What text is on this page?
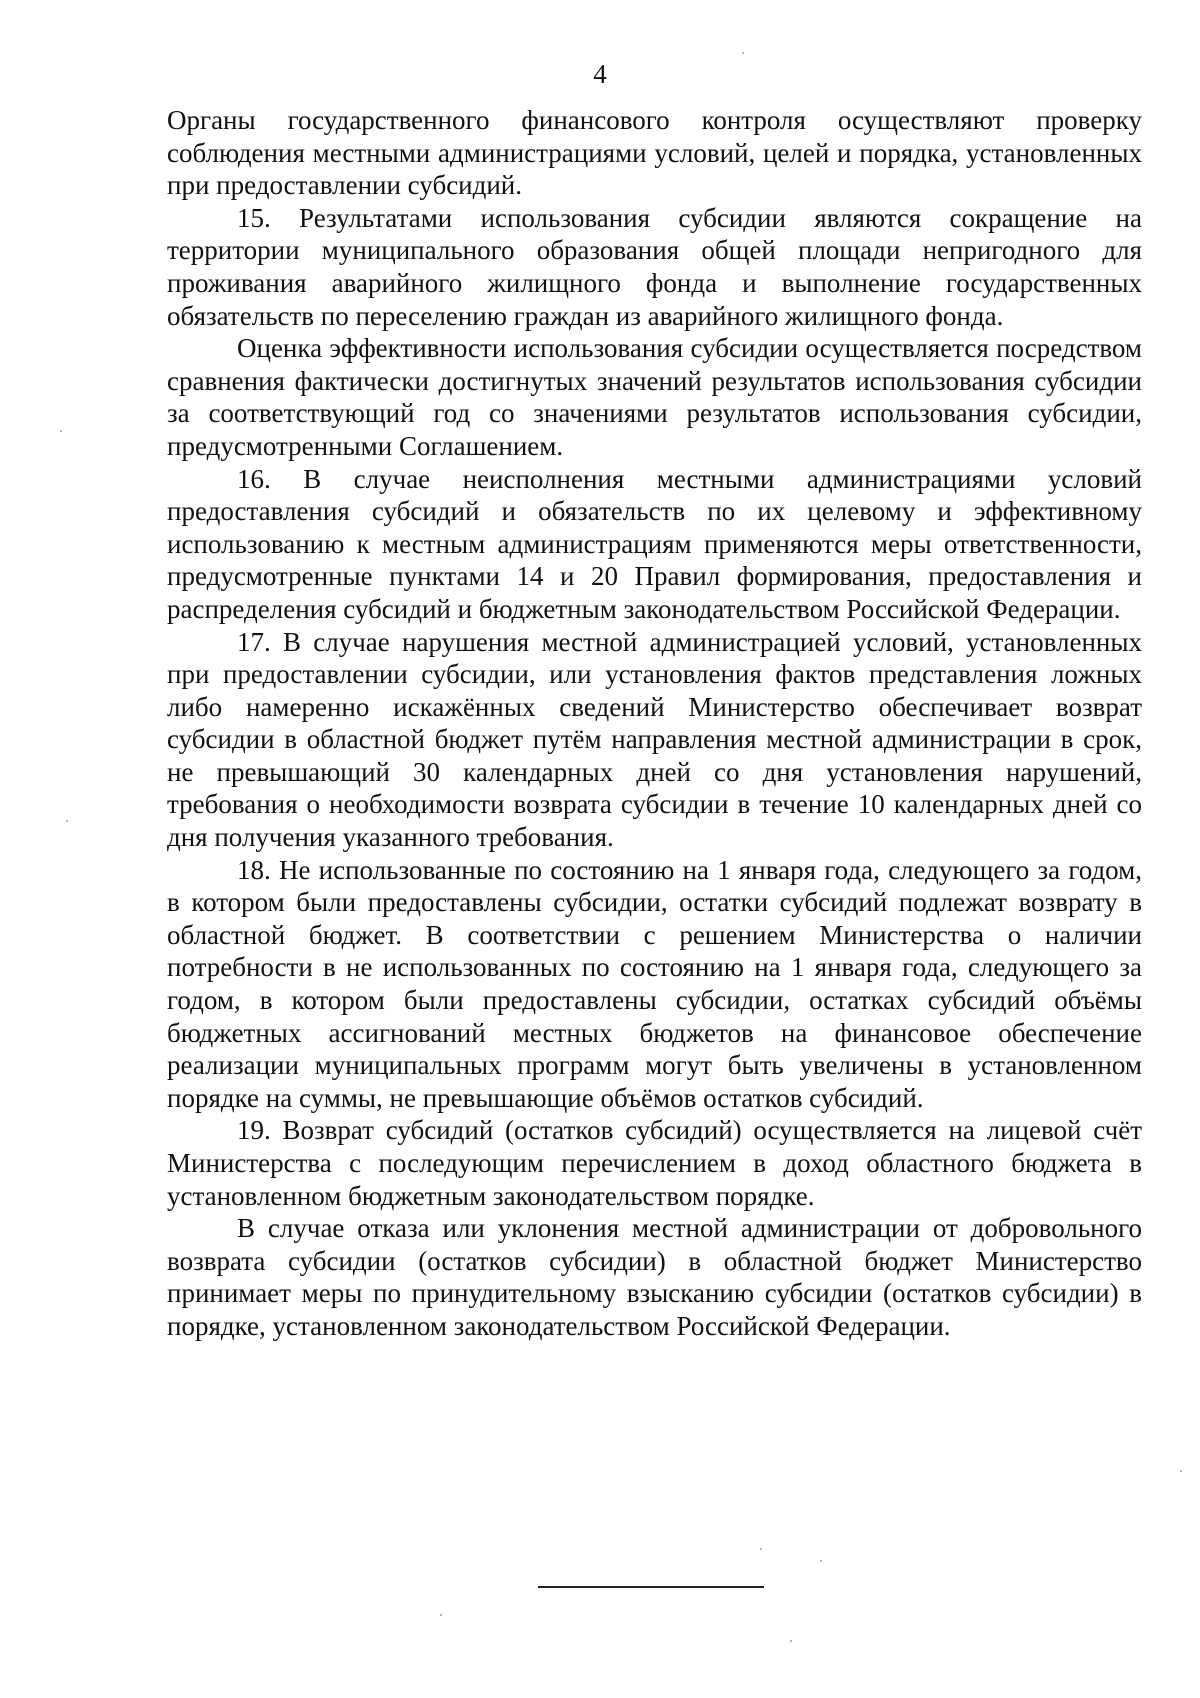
4

Органы государственного финансового контроля осуществляют проверку соблюдения местными администрациями условий, целей и порядка, установленных при предоставлении субсидий.

15. Результатами использования субсидии являются сокращение на территории муниципального образования общей площади непригодного для проживания аварийного жилищного фонда и выполнение государственных обязательств по переселению граждан из аварийного жилищного фонда.

Оценка эффективности использования субсидии осуществляется посредством сравнения фактически достигнутых значений результатов использования субсидии за соответствующий год со значениями результатов использования субсидии, предусмотренными Соглашением.

16. В случае неисполнения местными администрациями условий предоставления субсидий и обязательств по их целевому и эффективному использованию к местным администрациям применяются меры ответственности, предусмотренные пунктами 14 и 20 Правил формирования, предоставления и распределения субсидий и бюджетным законодательством Российской Федерации.

17. В случае нарушения местной администрацией условий, установленных при предоставлении субсидии, или установления фактов представления ложных либо намеренно искажённых сведений Министерство обеспечивает возврат субсидии в областной бюджет путём направления местной администрации в срок, не превышающий 30 календарных дней со дня установления нарушений, требования о необходимости возврата субсидии в течение 10 календарных дней со дня получения указанного требования.

18. Не использованные по состоянию на 1 января года, следующего за годом, в котором были предоставлены субсидии, остатки субсидий подлежат возврату в областной бюджет. В соответствии с решением Министерства о наличии потребности в не использованных по состоянию на 1 января года, следующего за годом, в котором были предоставлены субсидии, остатках субсидий объёмы бюджетных ассигнований местных бюджетов на финансовое обеспечение реализации муниципальных программ могут быть увеличены в установленном порядке на суммы, не превышающие объёмов остатков субсидий.

19. Возврат субсидий (остатков субсидий) осуществляется на лицевой счёт Министерства с последующим перечислением в доход областного бюджета в установленном бюджетным законодательством порядке.

В случае отказа или уклонения местной администрации от добровольного возврата субсидии (остатков субсидии) в областной бюджет Министерство принимает меры по принудительному взысканию субсидии (остатков субсидии) в порядке, установленном законодательством Российской Федерации.
